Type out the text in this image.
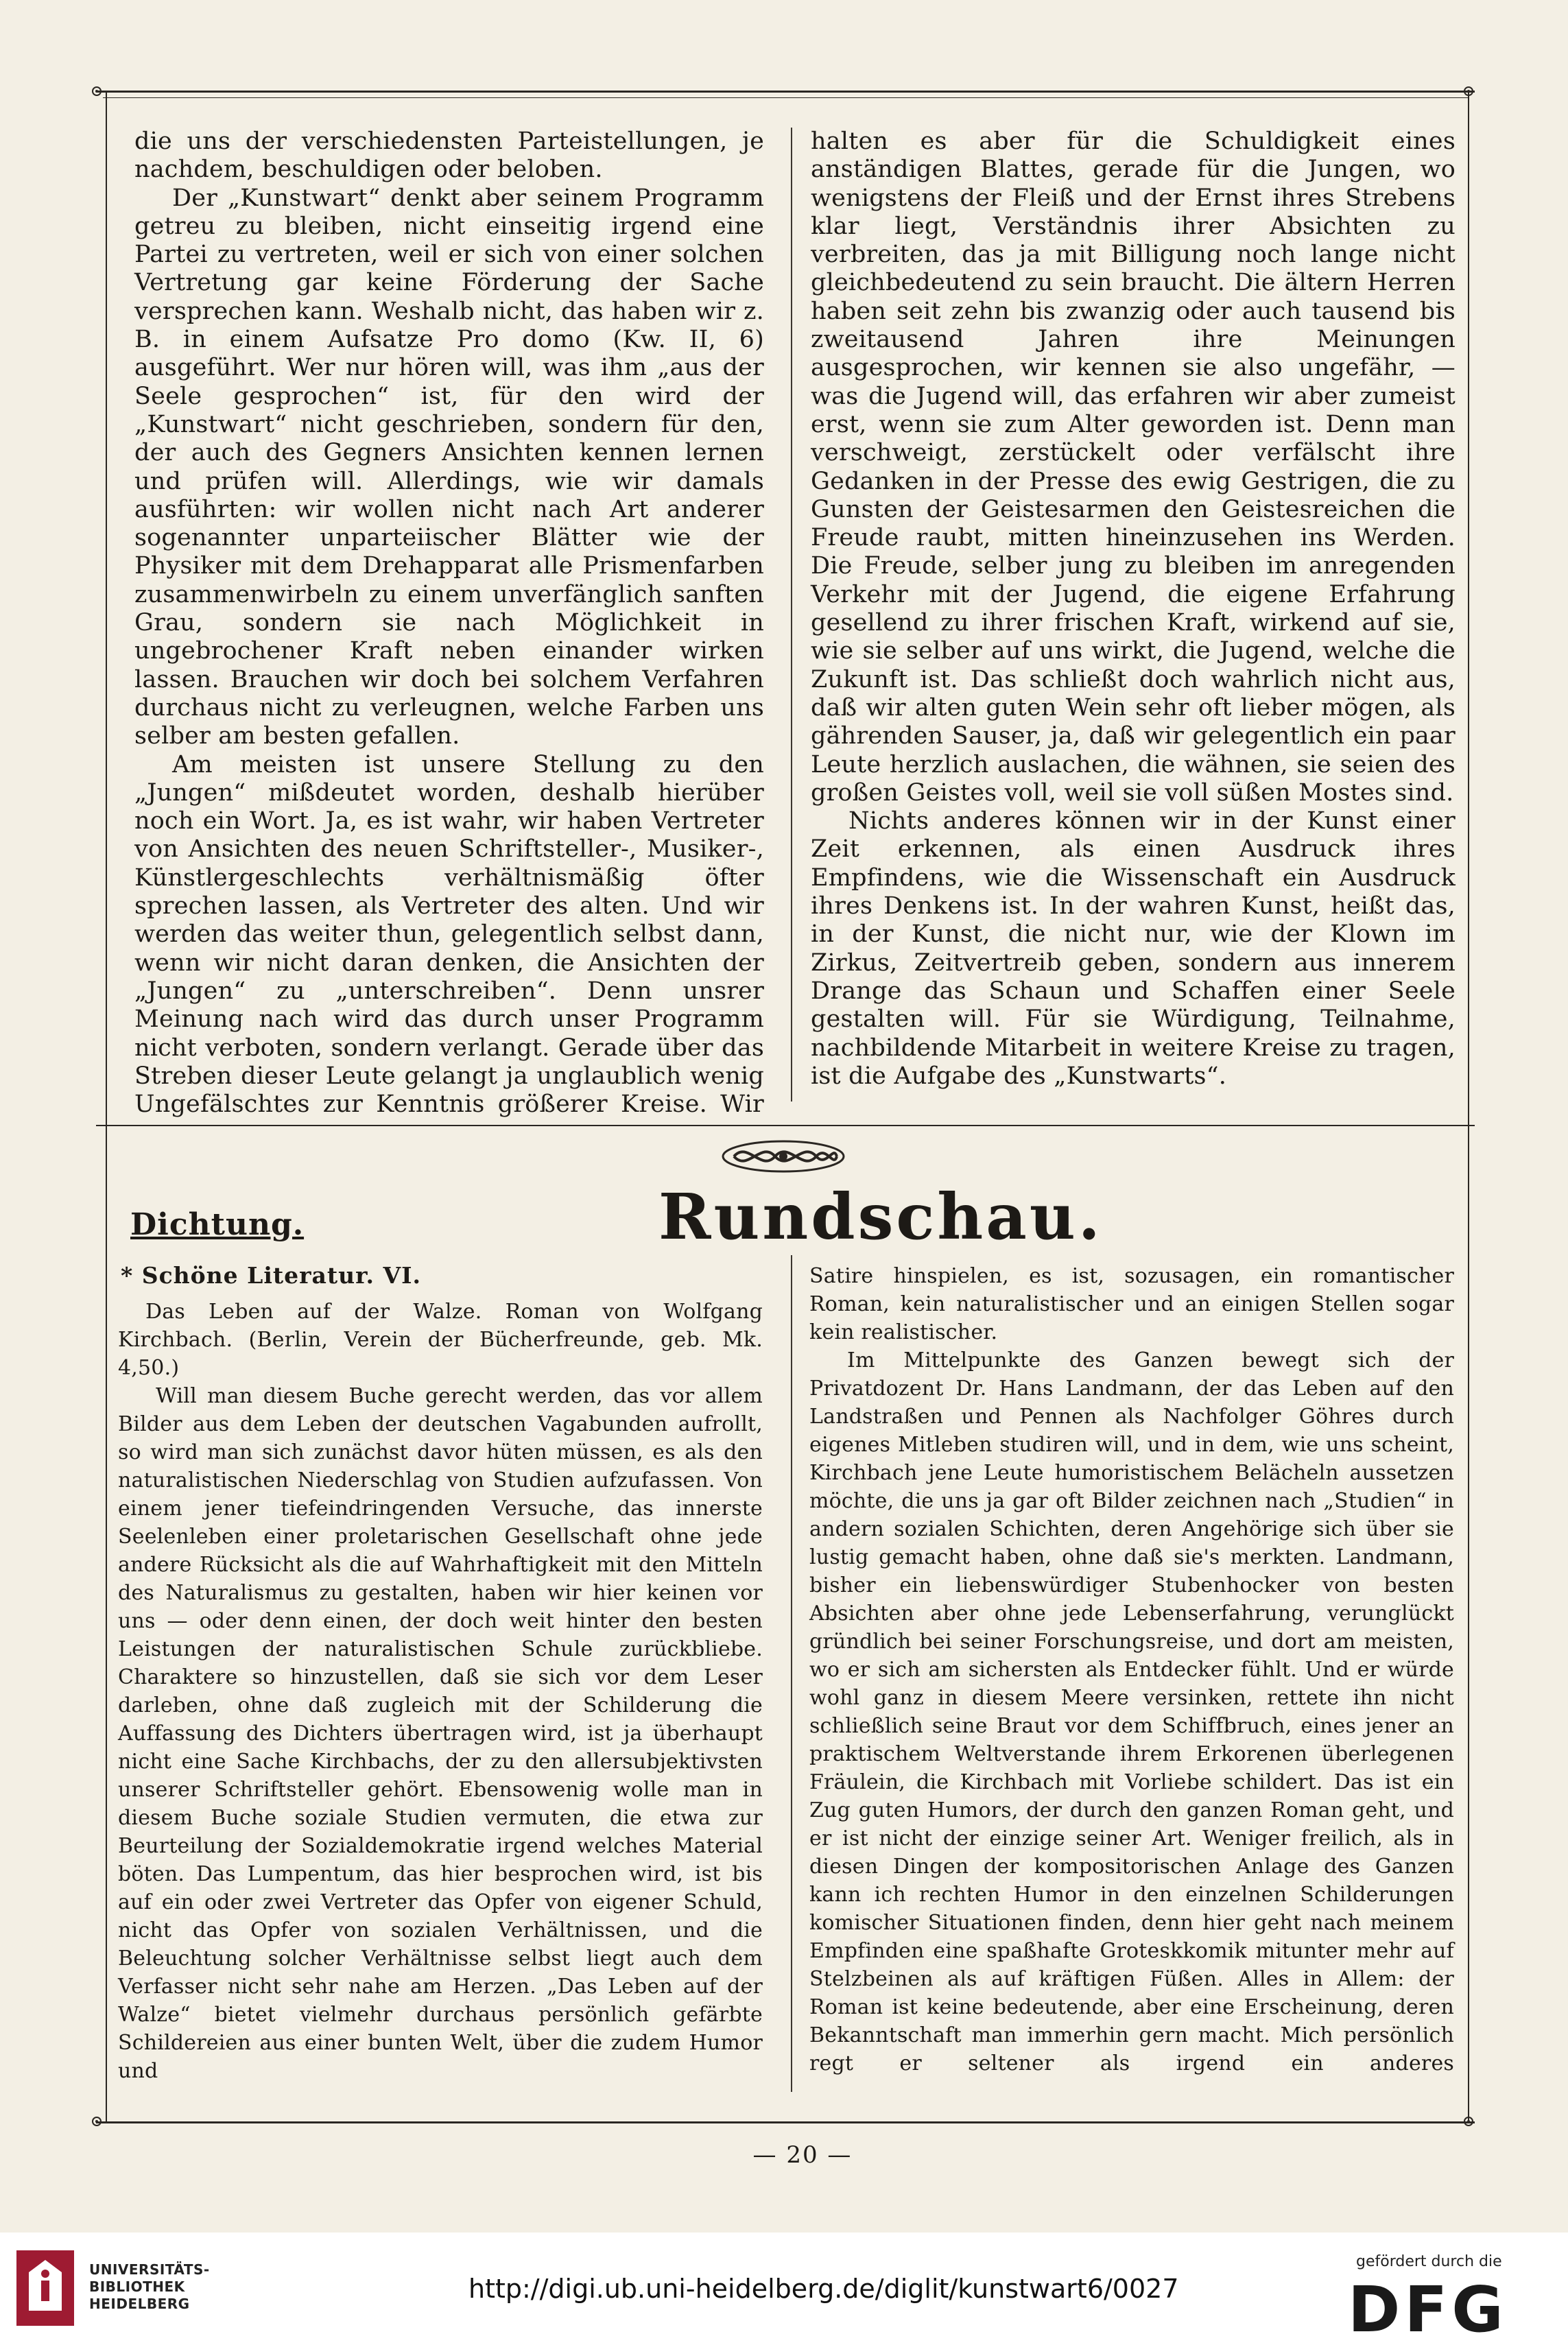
die uns der verschiedensten Parteistellungen, je nachdem, beschuldigen oder beloben.

Der „Kunstwart“ denkt aber seinem Programm getreu zu bleiben, nicht einseitig irgend eine Partei zu vertreten, weil er sich von einer solchen Vertretung gar keine Förderung der Sache versprechen kann. Weshalb nicht, das haben wir z. B. in einem Aufsatze Pro domo (Kw. II, 6) ausgeführt. Wer nur hören will, was ihm „aus der Seele gesprochen“ ist, für den wird der „Kunstwart“ nicht geschrieben, sondern für den, der auch des Gegners Ansichten kennen lernen und prüfen will. Allerdings, wie wir damals ausführten: wir wollen nicht nach Art anderer sogenannter unparteiischer Blätter wie der Physiker mit dem Drehapparat alle Prismenfarben zusammenwirbeln zu einem unverfänglich sanften Grau, sondern sie nach Möglichkeit in ungebrochener Kraft neben einander wirken lassen. Brauchen wir doch bei solchem Verfahren durchaus nicht zu verleugnen, welche Farben uns selber am besten gefallen.

Am meisten ist unsere Stellung zu den „Jungen“ mißdeutet worden, deshalb hierüber noch ein Wort. Ja, es ist wahr, wir haben Vertreter von Ansichten des neuen Schriftsteller-, Musiker-, Künstlergeschlechts verhältnismäßig öfter sprechen lassen, als Vertreter des alten. Und wir werden das weiter thun, gelegentlich selbst dann, wenn wir nicht daran denken, die Ansichten der „Jungen“ zu „unterschreiben“. Denn unsrer Meinung nach wird das durch unser Programm nicht verboten, sondern verlangt. Gerade über das Streben dieser Leute gelangt ja unglaublich wenig Ungefälschtes zur Kenntnis größerer Kreise. Wir

halten es aber für die Schuldigkeit eines anständigen Blattes, gerade für die Jungen, wo wenigstens der Fleiß und der Ernst ihres Strebens klar liegt, Verständnis ihrer Absichten zu verbreiten, das ja mit Billigung noch lange nicht gleichbedeutend zu sein braucht. Die ältern Herren haben seit zehn bis zwanzig oder auch tausend bis zweitausend Jahren ihre Meinungen ausgesprochen, wir kennen sie also ungefähr, — was die Jugend will, das erfahren wir aber zumeist erst, wenn sie zum Alter geworden ist. Denn man verschweigt, zerstückelt oder verfälscht ihre Gedanken in der Presse des ewig Gestrigen, die zu Gunsten der Geistesarmen den Geistesreichen die Freude raubt, mitten hineinzusehen ins Werden. Die Freude, selber jung zu bleiben im anregenden Verkehr mit der Jugend, die eigene Erfahrung gesellend zu ihrer frischen Kraft, wirkend auf sie, wie sie selber auf uns wirkt, die Jugend, welche die Zukunft ist. Das schließt doch wahrlich nicht aus, daß wir alten guten Wein sehr oft lieber mögen, als gährenden Sauser, ja, daß wir gelegentlich ein paar Leute herzlich auslachen, die wähnen, sie seien des großen Geistes voll, weil sie voll süßen Mostes sind.

Nichts anderes können wir in der Kunst einer Zeit erkennen, als einen Ausdruck ihres Empfindens, wie die Wissenschaft ein Ausdruck ihres Denkens ist. In der wahren Kunst, heißt das, in der Kunst, die nicht nur, wie der Klown im Zirkus, Zeitvertreib geben, sondern aus innerem Drange das Schaun und Schaffen einer Seele gestalten will. Für sie Würdigung, Teilnahme, nachbildende Mitarbeit in weitere Kreise zu tragen, ist die Aufgabe des „Kunstwarts“.

Dichtung.	Rundschau.
* Schöne Literatur. VI.

Das Leben auf der Walze. Roman von Wolfgang Kirchbach. (Berlin, Verein der Bücherfreunde, geb. Mk. 4,50.)

Will man diesem Buche gerecht werden, das vor allem Bilder aus dem Leben der deutschen Vagabunden aufrollt, so wird man sich zunächst davor hüten müssen, es als den naturalistischen Niederschlag von Studien aufzufassen. Von einem jener tiefeindringenden Versuche, das innerste Seelenleben einer proletarischen Gesellschaft ohne jede andere Rücksicht als die auf Wahrhaftigkeit mit den Mitteln des Naturalismus zu gestalten, haben wir hier keinen vor uns — oder denn einen, der doch weit hinter den besten Leistungen der naturalistischen Schule zurückbliebe. Charaktere so hinzustellen, daß sie sich vor dem Leser darleben, ohne daß zugleich mit der Schilderung die Auffassung des Dichters übertragen wird, ist ja überhaupt nicht eine Sache Kirchbachs, der zu den allersubjektivsten unserer Schriftsteller gehört. Ebensowenig wolle man in diesem Buche soziale Studien vermuten, die etwa zur Beurteilung der Sozialdemokratie irgend welches Material böten. Das Lumpentum, das hier besprochen wird, ist bis auf ein oder zwei Vertreter das Opfer von eigener Schuld, nicht das Opfer von sozialen Verhältnissen, und die Beleuchtung solcher Verhältnisse selbst liegt auch dem Verfasser nicht sehr nahe am Herzen. „Das Leben auf der Walze“ bietet vielmehr durchaus persönlich gefärbte Schildereien aus einer bunten Welt, über die zudem Humor und

Satire hinspielen, es ist, sozusagen, ein romantischer Roman, kein naturalistischer und an einigen Stellen sogar kein realistischer.

Im Mittelpunkte des Ganzen bewegt sich der Privatdozent Dr. Hans Landmann, der das Leben auf den Landstraßen und Pennen als Nachfolger Göhres durch eigenes Mitleben studiren will, und in dem, wie uns scheint, Kirchbach jene Leute humoristischem Belächeln aussetzen möchte, die uns ja gar oft Bilder zeichnen nach „Studien“ in andern sozialen Schichten, deren Angehörige sich über sie lustig gemacht haben, ohne daß sie's merkten. Landmann, bisher ein liebenswürdiger Stubenhocker von besten Absichten aber ohne jede Lebenserfahrung, verunglückt gründlich bei seiner Forschungsreise, und dort am meisten, wo er sich am sichersten als Entdecker fühlt. Und er würde wohl ganz in diesem Meere versinken, rettete ihn nicht schließlich seine Braut vor dem Schiffbruch, eines jener an praktischem Weltverstande ihrem Erkorenen überlegenen Fräulein, die Kirchbach mit Vorliebe schildert. Das ist ein Zug guten Humors, der durch den ganzen Roman geht, und er ist nicht der einzige seiner Art. Weniger freilich, als in diesen Dingen der kompositorischen Anlage des Ganzen kann ich rechten Humor in den einzelnen Schilderungen komischer Situationen finden, denn hier geht nach meinem Empfinden eine spaßhafte Groteskkomik mitunter mehr auf Stelzbeinen als auf kräftigen Füßen. Alles in Allem: der Roman ist keine bedeutende, aber eine Erscheinung, deren Bekanntschaft man immerhin gern macht. Mich persönlich regt er seltener als irgend ein anderes

— 20 —
UNIVERSITÄTS-
BIBLIOTHEK
HEIDELBERG	http://digi.ub.uni-heidelberg.de/diglit/kunstwart6/0027
gefördert durch die
DFG
